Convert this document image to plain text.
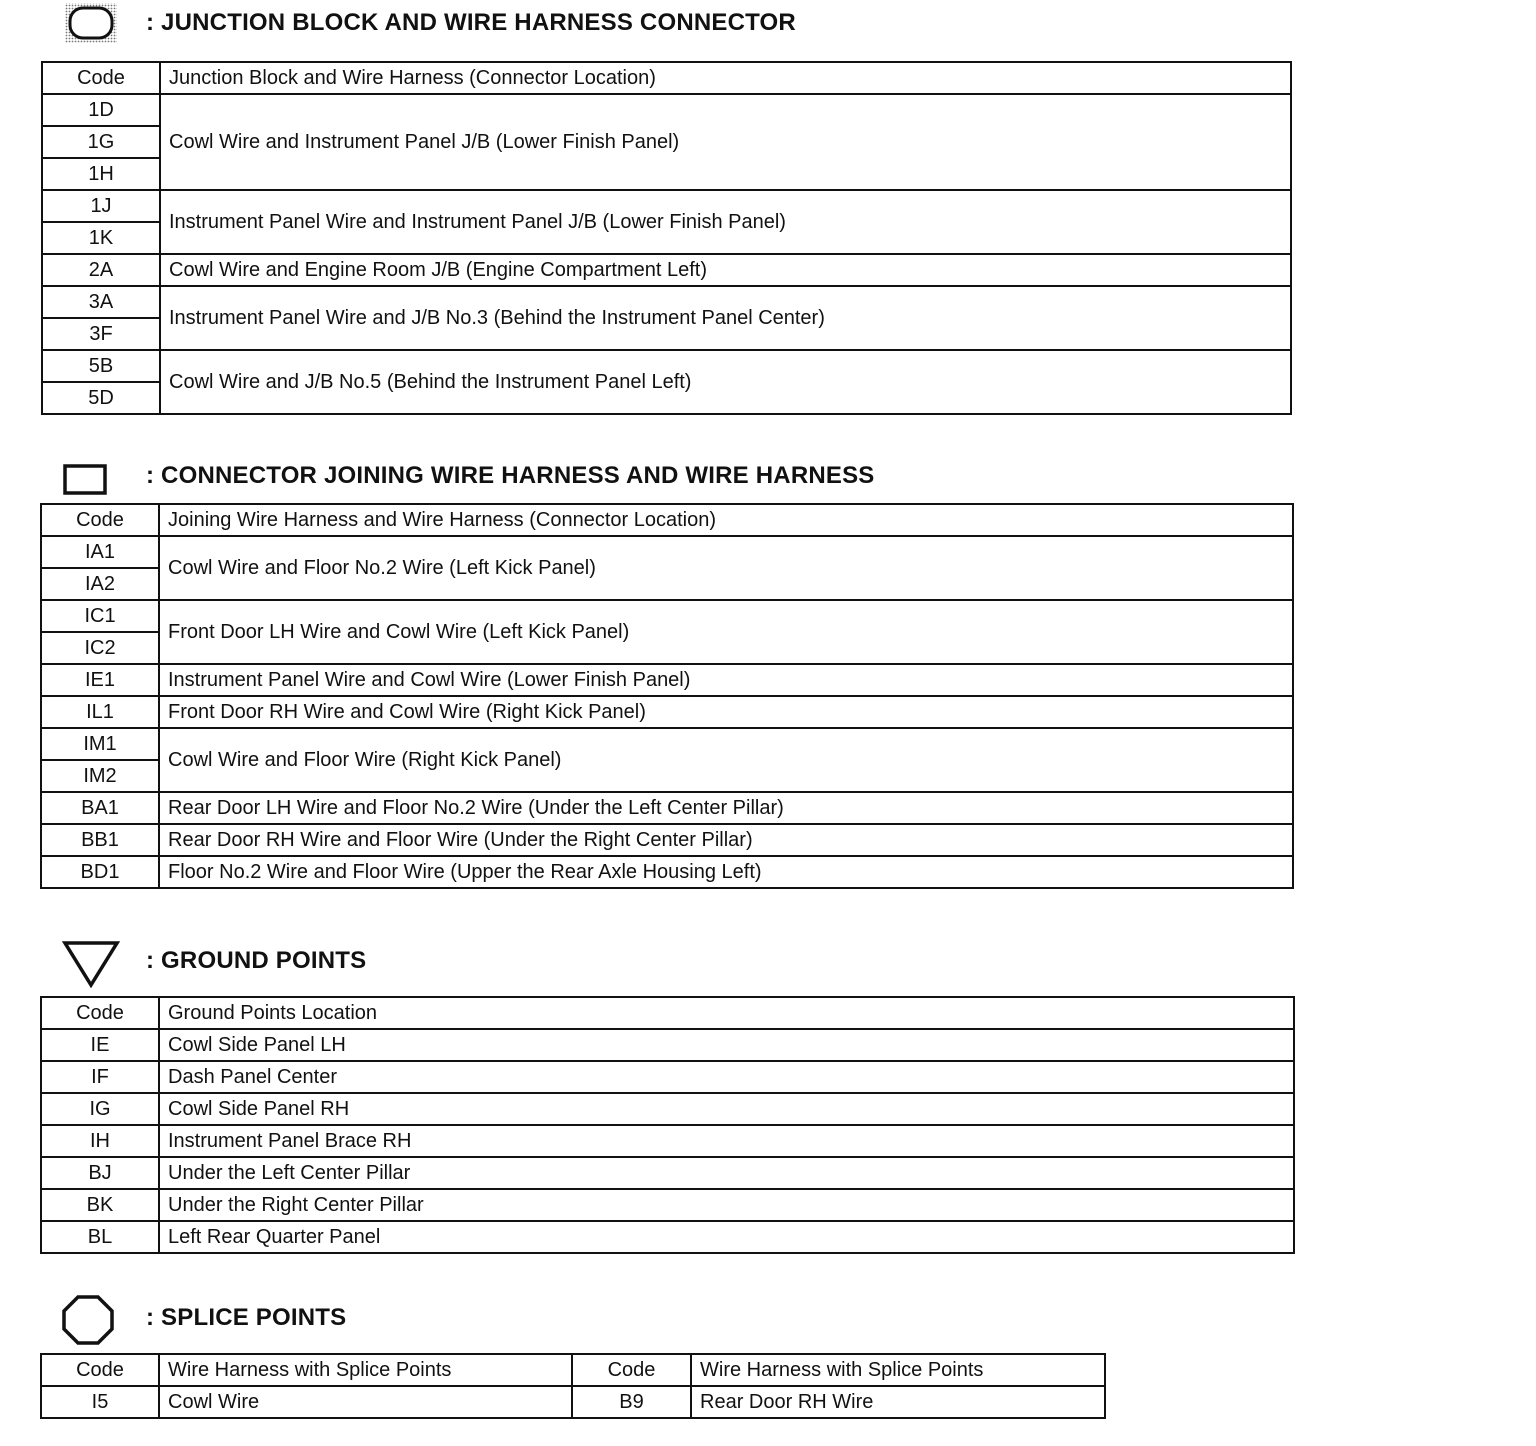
: JUNCTION BLOCK AND WIRE HARNESS CONNECTOR
Code	Junction Block and Wire Harness (Connector Location)
1D	Cowl Wire and Instrument Panel J/B (Lower Finish Panel)
1G	
1H	
1J	Instrument Panel Wire and Instrument Panel J/B (Lower Finish Panel)
1K	
2A	Cowl Wire and Engine Room J/B (Engine Compartment Left)
3A	Instrument Panel Wire and J/B No.3 (Behind the Instrument Panel Center)
3F	
5B	Cowl Wire and J/B No.5 (Behind the Instrument Panel Left)
5D	
: CONNECTOR JOINING WIRE HARNESS AND WIRE HARNESS
Code	Joining Wire Harness and Wire Harness (Connector Location)
IA1	Cowl Wire and Floor No.2 Wire (Left Kick Panel)
IA2	
IC1	Front Door LH Wire and Cowl Wire (Left Kick Panel)
IC2	
IE1	Instrument Panel Wire and Cowl Wire (Lower Finish Panel)
IL1	Front Door RH Wire and Cowl Wire (Right Kick Panel)
IM1	Cowl Wire and Floor Wire (Right Kick Panel)
IM2	
BA1	Rear Door LH Wire and Floor No.2 Wire (Under the Left Center Pillar)
BB1	Rear Door RH Wire and Floor Wire (Under the Right Center Pillar)
BD1	Floor No.2 Wire and Floor Wire (Upper the Rear Axle Housing Left)
: GROUND POINTS
Code	Ground Points Location
IE	Cowl Side Panel LH
IF	Dash Panel Center
IG	Cowl Side Panel RH
IH	Instrument Panel Brace RH
BJ	Under the Left Center Pillar
BK	Under the Right Center Pillar
BL	Left Rear Quarter Panel
: SPLICE POINTS
Code	Wire Harness with Splice Points	Code	Wire Harness with Splice Points
I5	Cowl Wire	B9	Rear Door RH Wire
